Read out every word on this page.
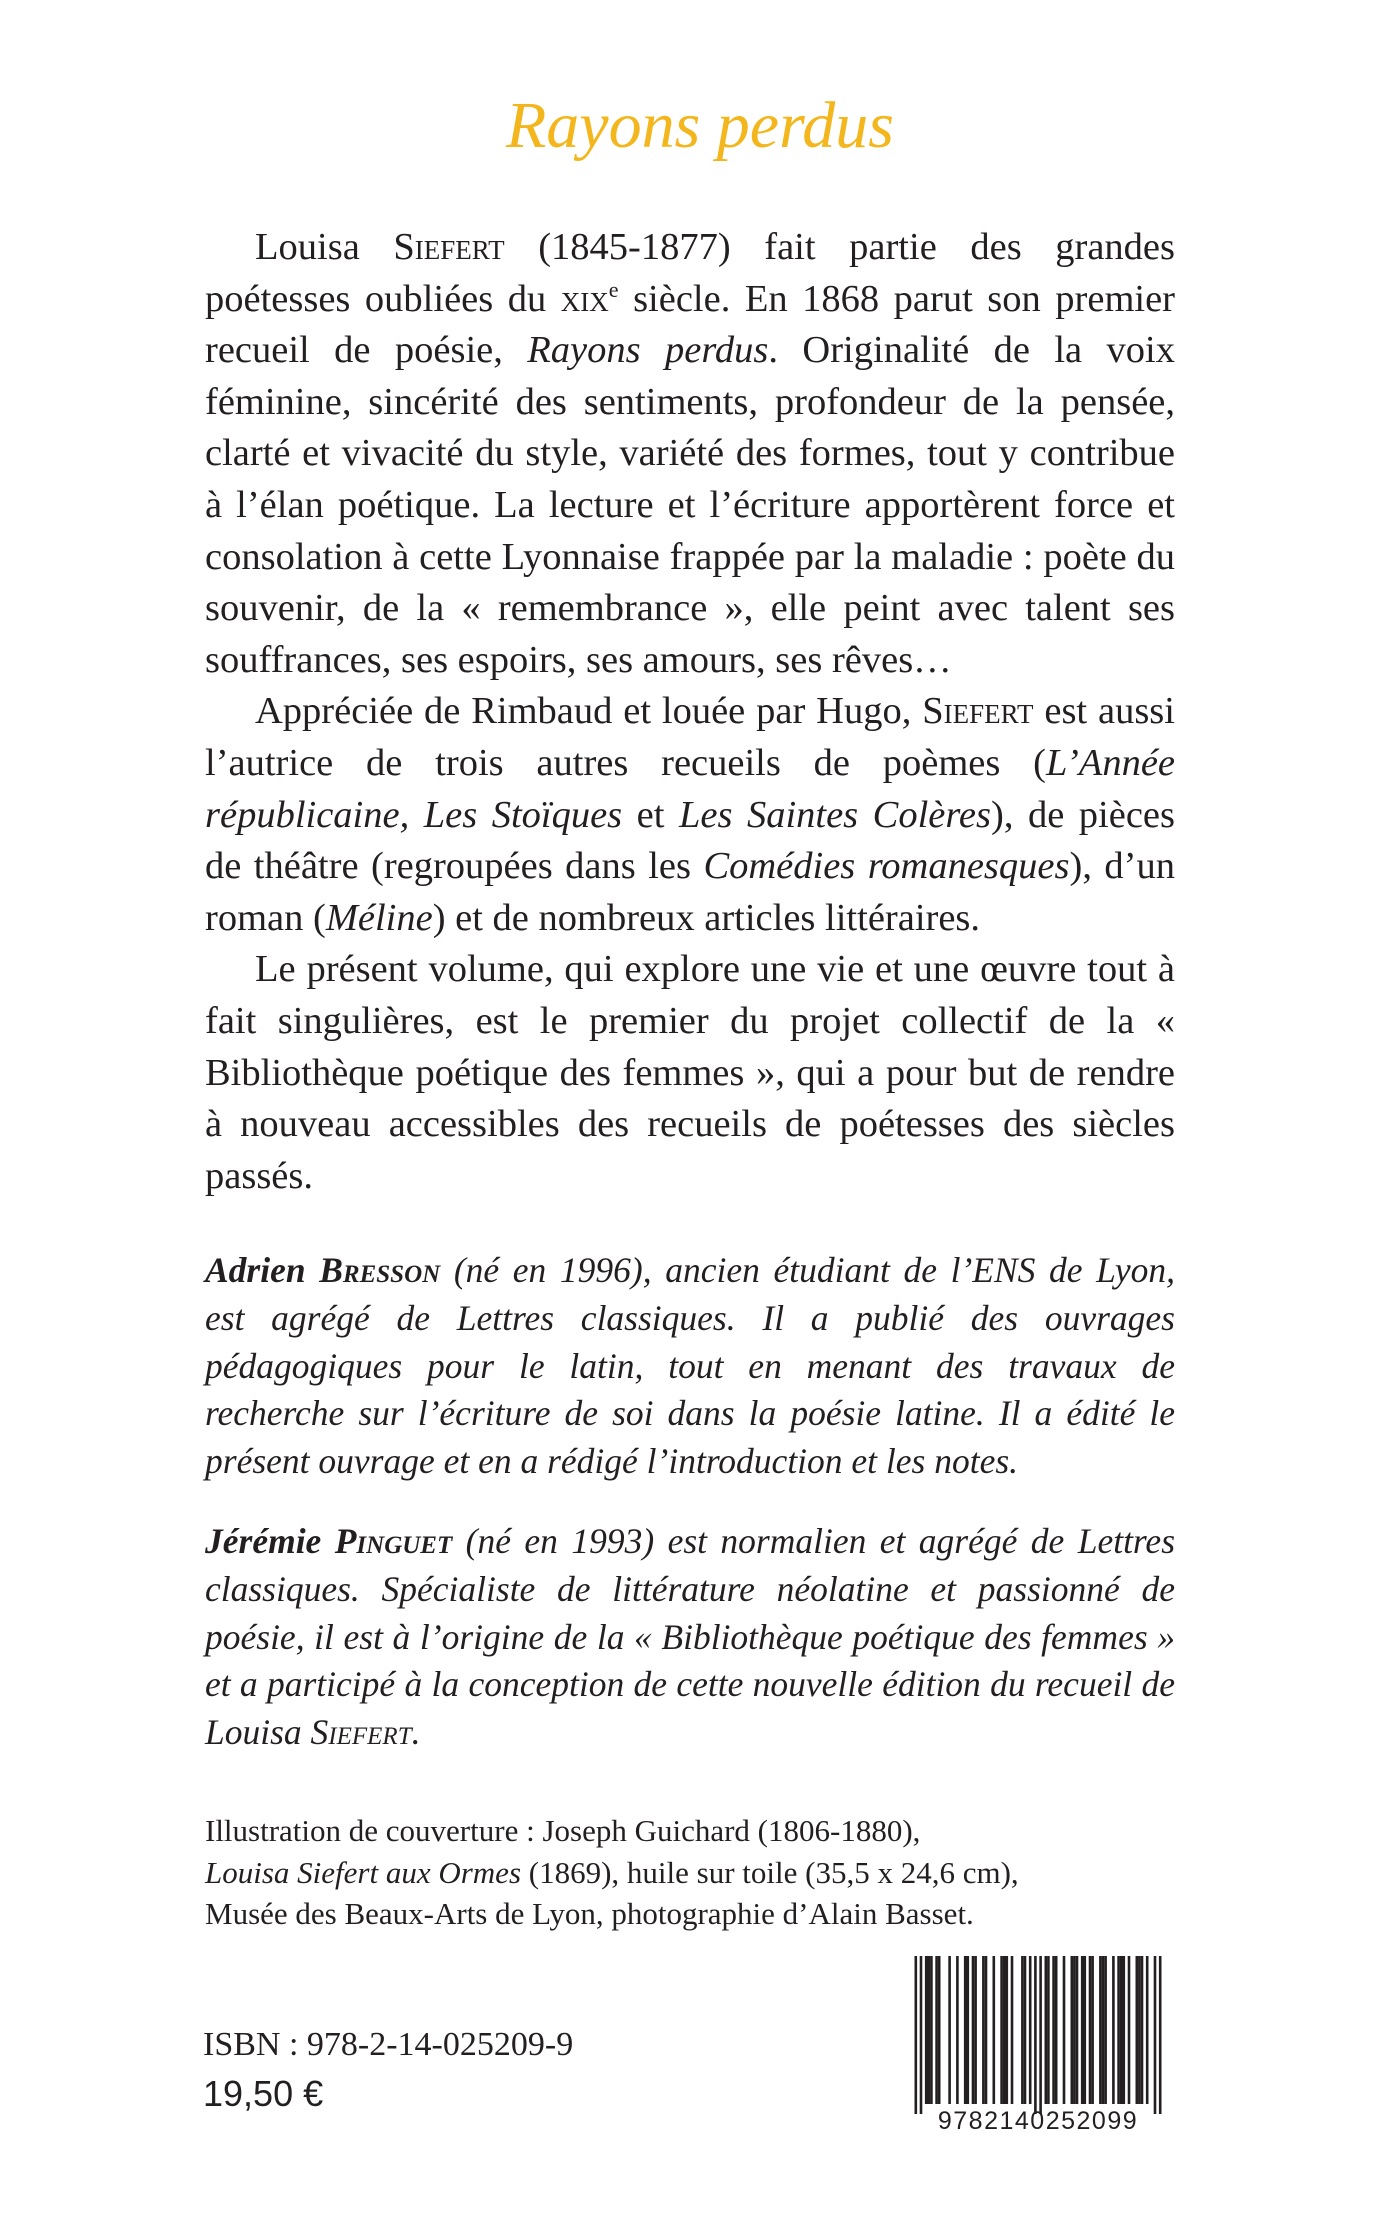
Rayons perdus

Louisa Siefert (1845-1877) fait partie des grandes poétesses oubliées du xix$^e$ siècle. En 1868 parut son premier recueil de poésie, Rayons perdus. Originalité de la voix féminine, sincérité des sentiments, profondeur de la pensée, clarté et vivacité du style, variété des formes, tout y contribue à l’élan poétique. La lecture et l’écriture apportèrent force et consolation à cette Lyonnaise frappée par la maladie : poète du souvenir, de la « remembrance », elle peint avec talent ses souffrances, ses espoirs, ses amours, ses rêves…

Appréciée de Rimbaud et louée par Hugo, Siefert est aussi l’autrice de trois autres recueils de poèmes (L’Année républicaine, Les Stoïques et Les Saintes Colères), de pièces de théâtre (regroupées dans les Comédies romanesques), d’un roman (Méline) et de nombreux articles littéraires.

Le présent volume, qui explore une vie et une œuvre tout à fait singulières, est le premier du projet collectif de la « Bibliothèque poétique des femmes », qui a pour but de rendre à nouveau accessibles des recueils de poétesses des siècles passés.

Adrien Bresson (né en 1996), ancien étudiant de l’ENS de Lyon, est agrégé de Lettres classiques. Il a publié des ouvrages pédagogiques pour le latin, tout en menant des travaux de recherche sur l’écriture de soi dans la poésie latine. Il a édité le présent ouvrage et en a rédigé l’introduction et les notes.

Jérémie Pinguet (né en 1993) est normalien et agrégé de Lettres classiques. Spécialiste de littérature néolatine et passionné de poésie, il est à l’origine de la « Bibliothèque poétique des femmes » et a participé à la conception de cette nouvelle édition du recueil de Louisa Siefert.

Illustration de couverture : Joseph Guichard (1806-1880),

Louisa Siefert aux Ormes (1869), huile sur toile (35,5 x 24,6 cm),

Musée des Beaux-Arts de Lyon, photographie d’Alain Basset.

ISBN : 978-2-14-025209-9
19,50 €
9782140252099
